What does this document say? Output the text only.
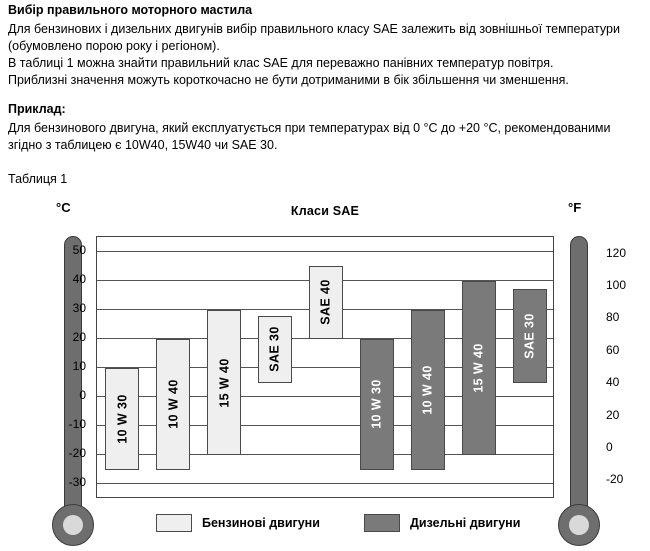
Вибір правильного моторного мастила

Для бензинових і дизельних двигунів вибір правильного класу SAE залежить від зовнішньої температури (обумовлено порою року і регіоном).

В таблиці 1 можна знайти правильний клас SAE для переважно панівних температур повітря.

Приблизні значення можуть короткочасно не бути дотриманими в бік збільшення чи зменшення.

Приклад:

Для бензинового двигуна, який експлуатується при температурах від 0 °C до +20 °C, рекомендованими згідно з таблицею є 10W40, 15W40 чи SAE 30.

Таблиця 1
Класи SAE
°C	°F
50
40
30
20
10
0
-10
-20
-30
120
100
80
60
40
20
0
-20
10 W 30	10 W 40	15 W 40
SAE 30
SAE 40
10 W 30	10 W 40	15 W 40
SAE 30
Бензинові двигуни	Дизельні двигуни
